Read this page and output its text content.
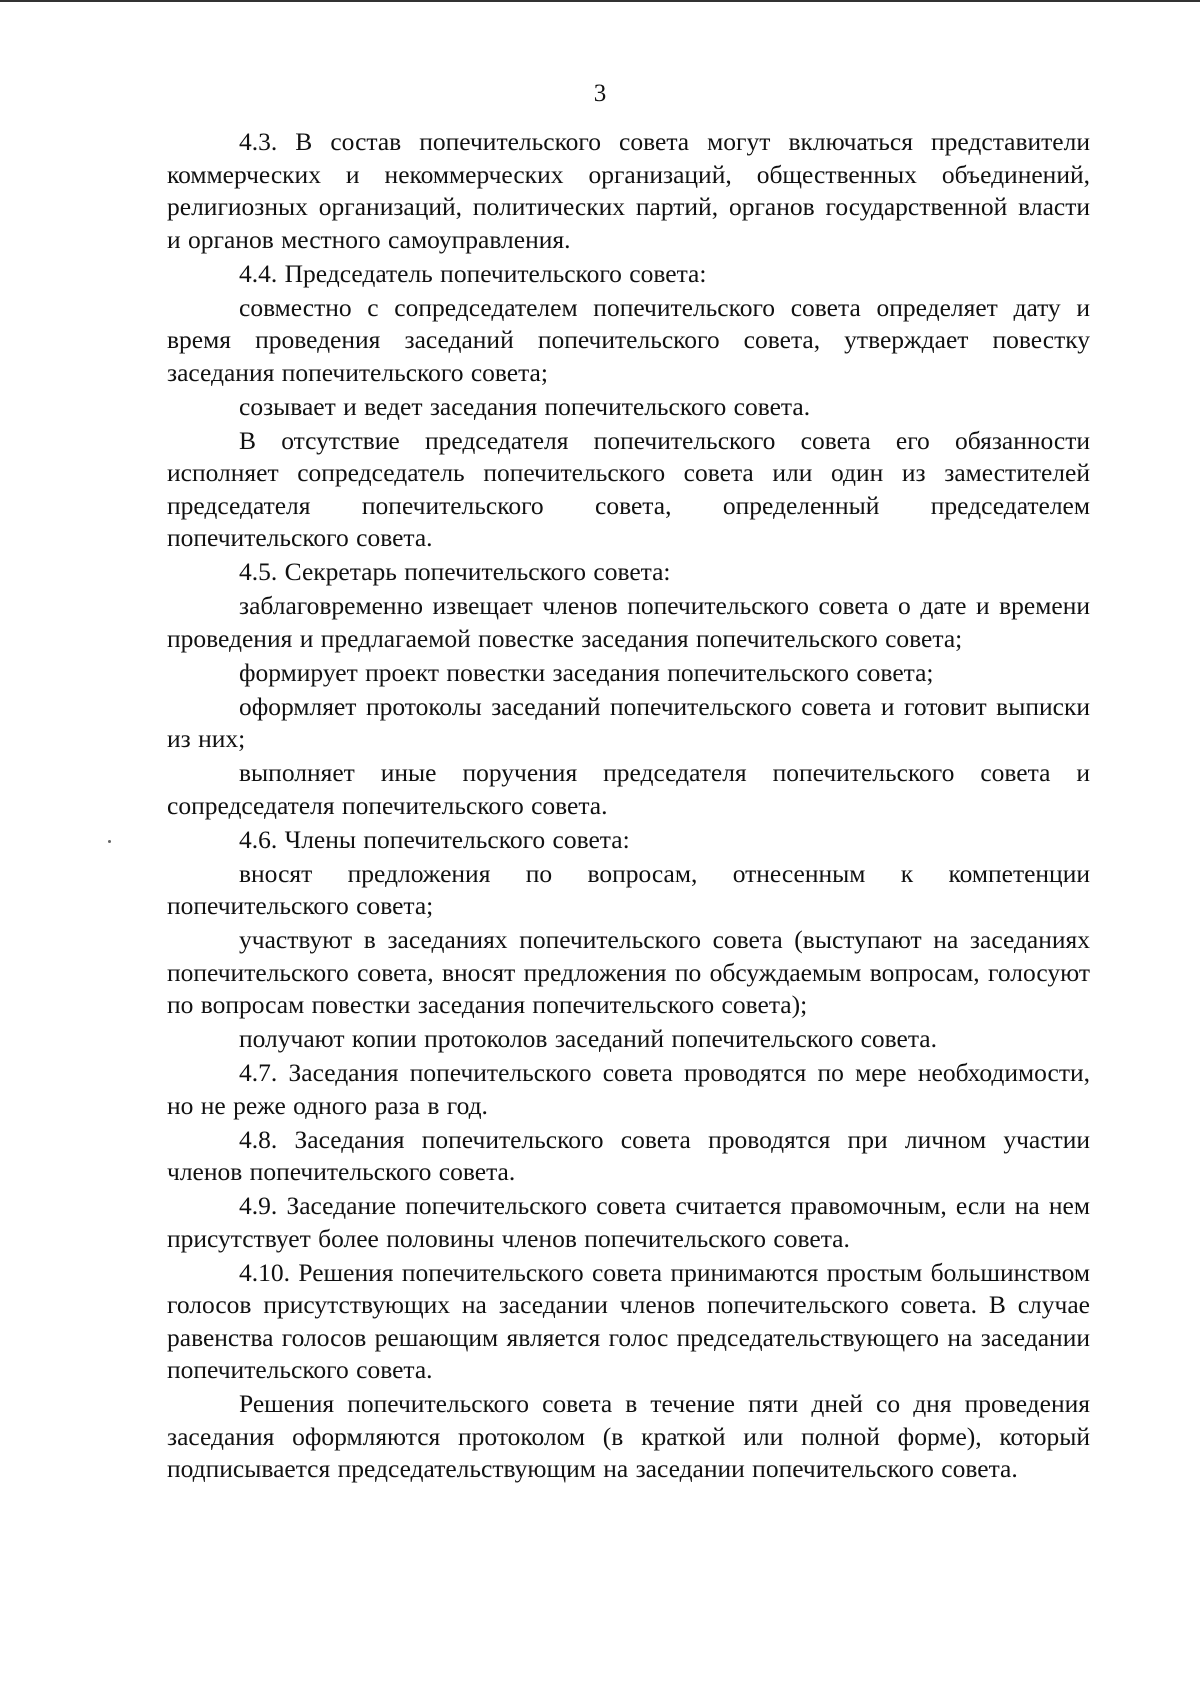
3

4.3. В состав попечительского совета могут включаться представители коммерческих и некоммерческих организаций, общественных объединений, религиозных организаций, политических партий, органов государственной власти и органов местного самоуправления.

4.4. Председатель попечительского совета:

совместно с сопредседателем попечительского совета определяет дату и время проведения заседаний попечительского совета, утверждает повестку заседания попечительского совета;

созывает и ведет заседания попечительского совета.

В отсутствие председателя попечительского совета его обязанности исполняет сопредседатель попечительского совета или один из заместителей председателя попечительского совета, определенный председателем попечительского совета.

4.5. Секретарь попечительского совета:

заблаговременно извещает членов попечительского совета о дате и времени проведения и предлагаемой повестке заседания попечительского совета;

формирует проект повестки заседания попечительского совета;

оформляет протоколы заседаний попечительского совета и готовит выписки из них;

выполняет иные поручения председателя попечительского совета и сопредседателя попечительского совета.

4.6. Члены попечительского совета:

вносят предложения по вопросам, отнесенным к компетенции попечительского совета;

участвуют в заседаниях попечительского совета (выступают на заседаниях попечительского совета, вносят предложения по обсуждаемым вопросам, голосуют по вопросам повестки заседания попечительского совета);

получают копии протоколов заседаний попечительского совета.

4.7. Заседания попечительского совета проводятся по мере необходимости, но не реже одного раза в год.

4.8. Заседания попечительского совета проводятся при личном участии членов попечительского совета.

4.9. Заседание попечительского совета считается правомочным, если на нем присутствует более половины членов попечительского совета.

4.10. Решения попечительского совета принимаются простым большинством голосов присутствующих на заседании членов попечительского совета. В случае равенства голосов решающим является голос председательствующего на заседании попечительского совета.

Решения попечительского совета в течение пяти дней со дня проведения заседания оформляются протоколом (в краткой или полной форме), который подписывается председательствующим на заседании попечительского совета.
